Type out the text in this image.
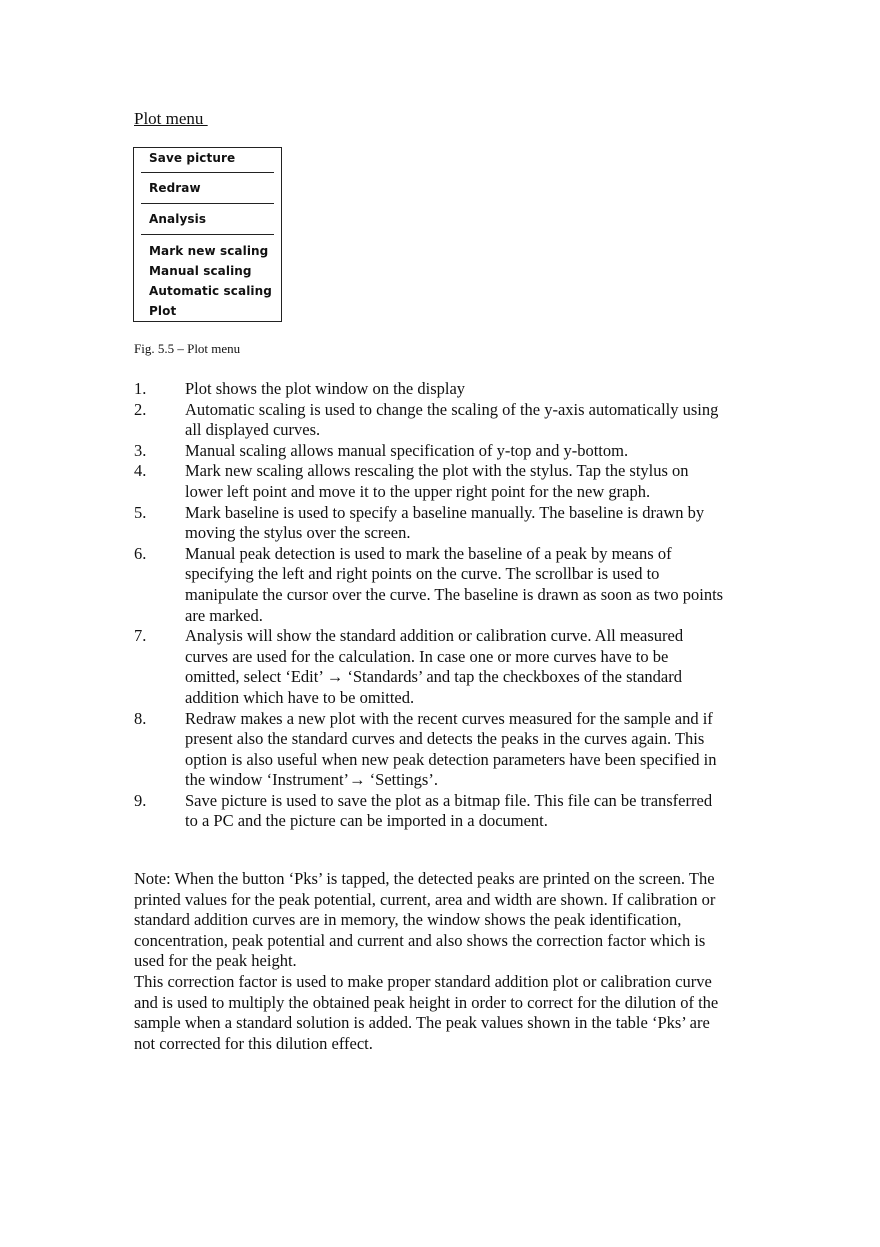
Plot menu
Save picture
Redraw
Analysis
Mark new scaling
Manual scaling
Automatic scaling
Plot

Fig. 5.5 – Plot menu

1. Plot shows the plot window on the display
2. Automatic scaling is used to change the scaling of the y-axis automatically using all displayed curves.
3. Manual scaling allows manual specification of y-top and y-bottom.
4. Mark new scaling allows rescaling the plot with the stylus. Tap the stylus on lower left point and move it to the upper right point for the new graph.
5. Mark baseline is used to specify a baseline manually. The baseline is drawn by moving the stylus over the screen.
6. Manual peak detection is used to mark the baseline of a peak by means of specifying the left and right points on the curve. The scrollbar is used to manipulate the cursor over the curve. The baseline is drawn as soon as two points are marked.
7. Analysis will show the standard addition or calibration curve. All measured curves are used for the calculation. In case one or more curves have to be omitted, select ‘Edit’ → ‘Standards’ and tap the checkboxes of the standard addition which have to be omitted.
8. Redraw makes a new plot with the recent curves measured for the sample and if present also the standard curves and detects the peaks in the curves again. This option is also useful when new peak detection parameters have been specified in the window ‘Instrument’→ ‘Settings’.
9. Save picture is used to save the plot as a bitmap file. This file can be transferred to a PC and the picture can be imported in a document.
Note: When the button ‘Pks’ is tapped, the detected peaks are printed on the screen. The printed values for the peak potential, current, area and width are shown. If calibration or standard addition curves are in memory, the window shows the peak identification, concentration, peak potential and current and also shows the correction factor which is used for the peak height.
This correction factor is used to make proper standard addition plot or calibration curve and is used to multiply the obtained peak height in order to correct for the dilution of the sample when a standard solution is added. The peak values shown in the table ‘Pks’ are not corrected for this dilution effect.
